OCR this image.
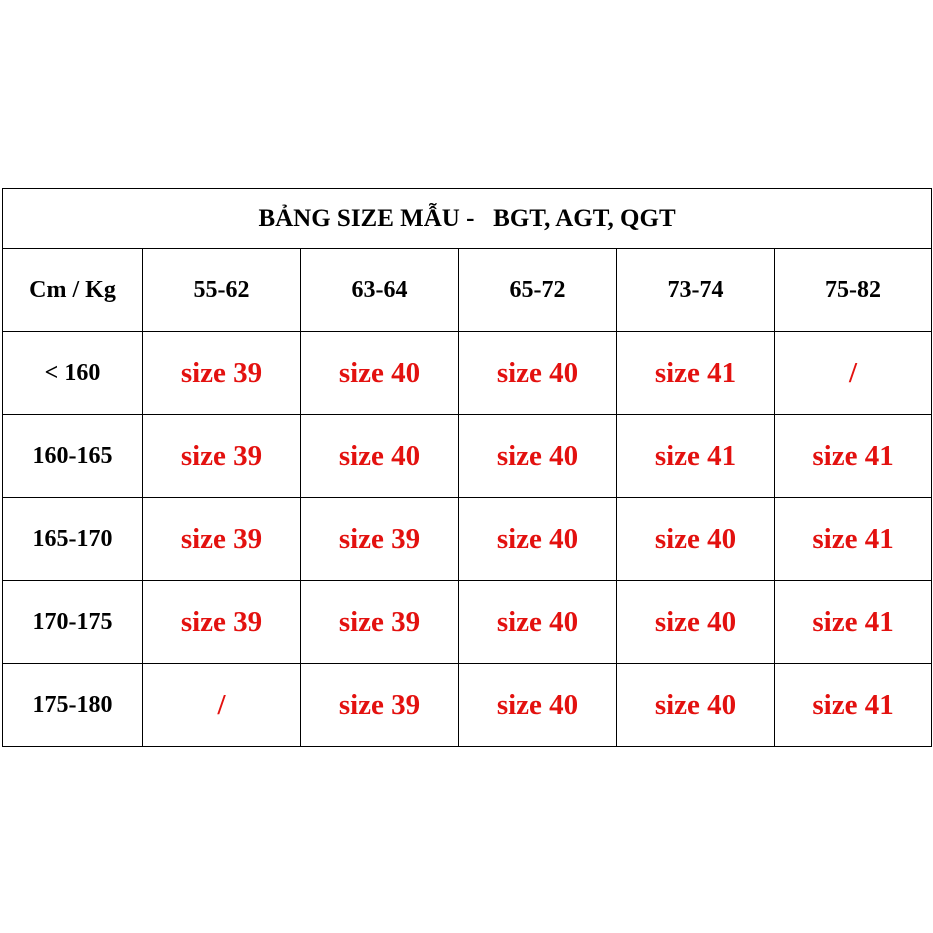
BẢNG SIZE MẪU -   BGT, AGT, QGT					
Cm / Kg	55-62	63-64	65-72	73-74	75-82
< 160	size 39	size 40	size 40	size 41	/
160-165	size 39	size 40	size 40	size 41	size 41
165-170	size 39	size 39	size 40	size 40	size 41
170-175	size 39	size 39	size 40	size 40	size 41
175-180	/	size 39	size 40	size 40	size 41
